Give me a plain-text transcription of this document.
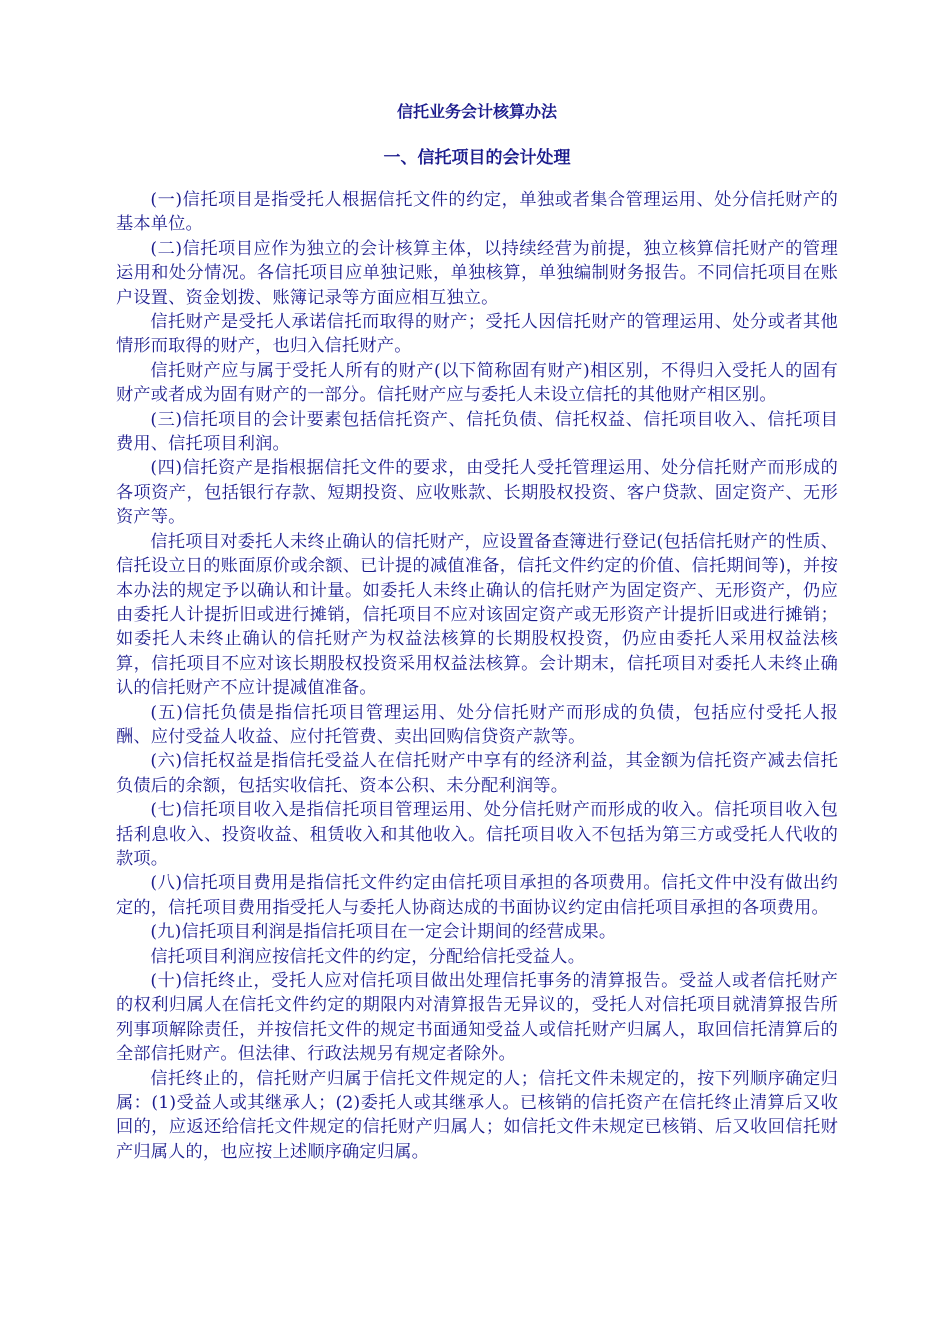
信托业务会计核算办法
一、信托项目的会计处理

(一)信托项目是指受托人根据信托文件的约定，单独或者集合管理运用、处分信托财产的基本单位。

(二)信托项目应作为独立的会计核算主体，以持续经营为前提，独立核算信托财产的管理运用和处分情况。各信托项目应单独记账，单独核算，单独编制财务报告。不同信托项目在账户设置、资金划拨、账簿记录等方面应相互独立。

信托财产是受托人承诺信托而取得的财产；受托人因信托财产的管理运用、处分或者其他情形而取得的财产，也归入信托财产。

信托财产应与属于受托人所有的财产(以下简称固有财产)相区别，不得归入受托人的固有财产或者成为固有财产的一部分。信托财产应与委托人未设立信托的其他财产相区别。

(三)信托项目的会计要素包括信托资产、信托负债、信托权益、信托项目收入、信托项目费用、信托项目利润。

(四)信托资产是指根据信托文件的要求，由受托人受托管理运用、处分信托财产而形成的各项资产，包括银行存款、短期投资、应收账款、长期股权投资、客户贷款、固定资产、无形资产等。

信托项目对委托人未终止确认的信托财产，应设置备查簿进行登记(包括信托财产的性质、信托设立日的账面原价或余额、已计提的减值准备，信托文件约定的价值、信托期间等)，并按本办法的规定予以确认和计量。如委托人未终止确认的信托财产为固定资产、无形资产，仍应由委托人计提折旧或进行摊销，信托项目不应对该固定资产或无形资产计提折旧或进行摊销；如委托人未终止确认的信托财产为权益法核算的长期股权投资，仍应由委托人采用权益法核算，信托项目不应对该长期股权投资采用权益法核算。会计期末，信托项目对委托人未终止确认的信托财产不应计提减值准备。

(五)信托负债是指信托项目管理运用、处分信托财产而形成的负债，包括应付受托人报酬、应付受益人收益、应付托管费、卖出回购信贷资产款等。

(六)信托权益是指信托受益人在信托财产中享有的经济利益，其金额为信托资产减去信托负债后的余额，包括实收信托、资本公积、未分配利润等。

(七)信托项目收入是指信托项目管理运用、处分信托财产而形成的收入。信托项目收入包括利息收入、投资收益、租赁收入和其他收入。信托项目收入不包括为第三方或受托人代收的款项。

(八)信托项目费用是指信托文件约定由信托项目承担的各项费用。信托文件中没有做出约定的，信托项目费用指受托人与委托人协商达成的书面协议约定由信托项目承担的各项费用。

(九)信托项目利润是指信托项目在一定会计期间的经营成果。

信托项目利润应按信托文件的约定，分配给信托受益人。

(十)信托终止，受托人应对信托项目做出处理信托事务的清算报告。受益人或者信托财产的权利归属人在信托文件约定的期限内对清算报告无异议的，受托人对信托项目就清算报告所列事项解除责任，并按信托文件的规定书面通知受益人或信托财产归属人，取回信托清算后的全部信托财产。但法律、行政法规另有规定者除外。

信托终止的，信托财产归属于信托文件规定的人；信托文件未规定的，按下列顺序确定归属：(1)受益人或其继承人；(2)委托人或其继承人。已核销的信托资产在信托终止清算后又收回的，应返还给信托文件规定的信托财产归属人；如信托文件未规定已核销、后又收回信托财产归属人的，也应按上述顺序确定归属。
